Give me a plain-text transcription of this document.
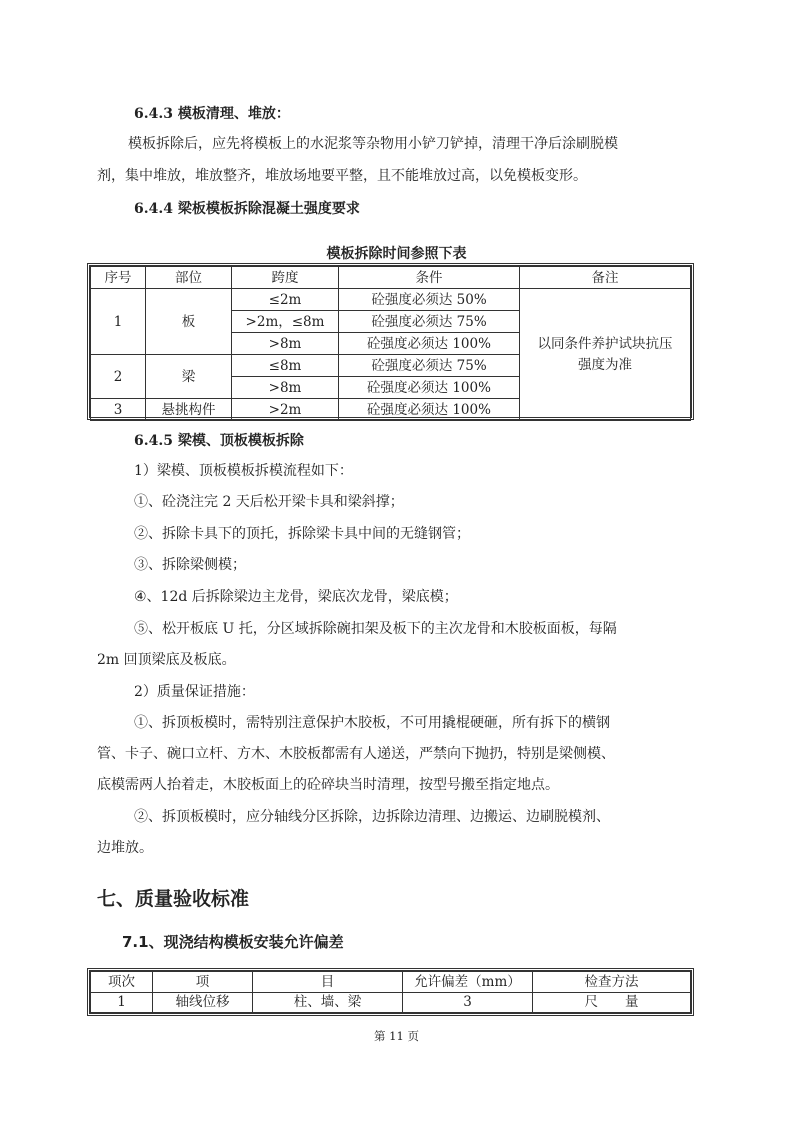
6.4.3 模板清理、堆放：
模板拆除后，应先将模板上的水泥浆等杂物用小铲刀铲掉，清理干净后涂刷脱模
剂，集中堆放，堆放整齐，堆放场地要平整，且不能堆放过高，以免模板变形。
6.4.4 梁板模板拆除混凝土强度要求
模板拆除时间参照下表
序号	部位	跨度	条件	备注
1	板	≤2m	砼强度必须达 50%	以同条件养护试块抗压
强度为准

		>2m，≤8m	砼强度必须达 75%	
		>8m	砼强度必须达 100%	
2	梁	≤8m	砼强度必须达 75%	
		>8m	砼强度必须达 100%	
3	悬挑构件	>2m	砼强度必须达 100%	
6.4.5 梁模、顶板模板拆除
1）梁模、顶板模板拆模流程如下：
①、砼浇注完 2 天后松开梁卡具和梁斜撑；
②、拆除卡具下的顶托，拆除梁卡具中间的无缝钢管；
③、拆除梁侧模；
④、12d 后拆除梁边主龙骨，梁底次龙骨，梁底模；
⑤、松开板底 U 托，分区域拆除碗扣架及板下的主次龙骨和木胶板面板，每隔
2m 回顶梁底及板底。
2）质量保证措施：
①、拆顶板模时，需特别注意保护木胶板，不可用撬棍硬砸，所有拆下的横钢
管、卡子、碗口立杆、方木、木胶板都需有人递送，严禁向下抛扔，特别是梁侧模、
底模需两人抬着走，木胶板面上的砼碎块当时清理，按型号搬至指定地点。
②、拆顶板模时，应分轴线分区拆除，边拆除边清理、边搬运、边刷脱模剂、
边堆放。
七、质量验收标准
7.1、现浇结构模板安装允许偏差
项次	项	目	允许偏差（mm）	检查方法
1	轴线位移	柱、墙、梁	3	尺　　量
第 11 页
